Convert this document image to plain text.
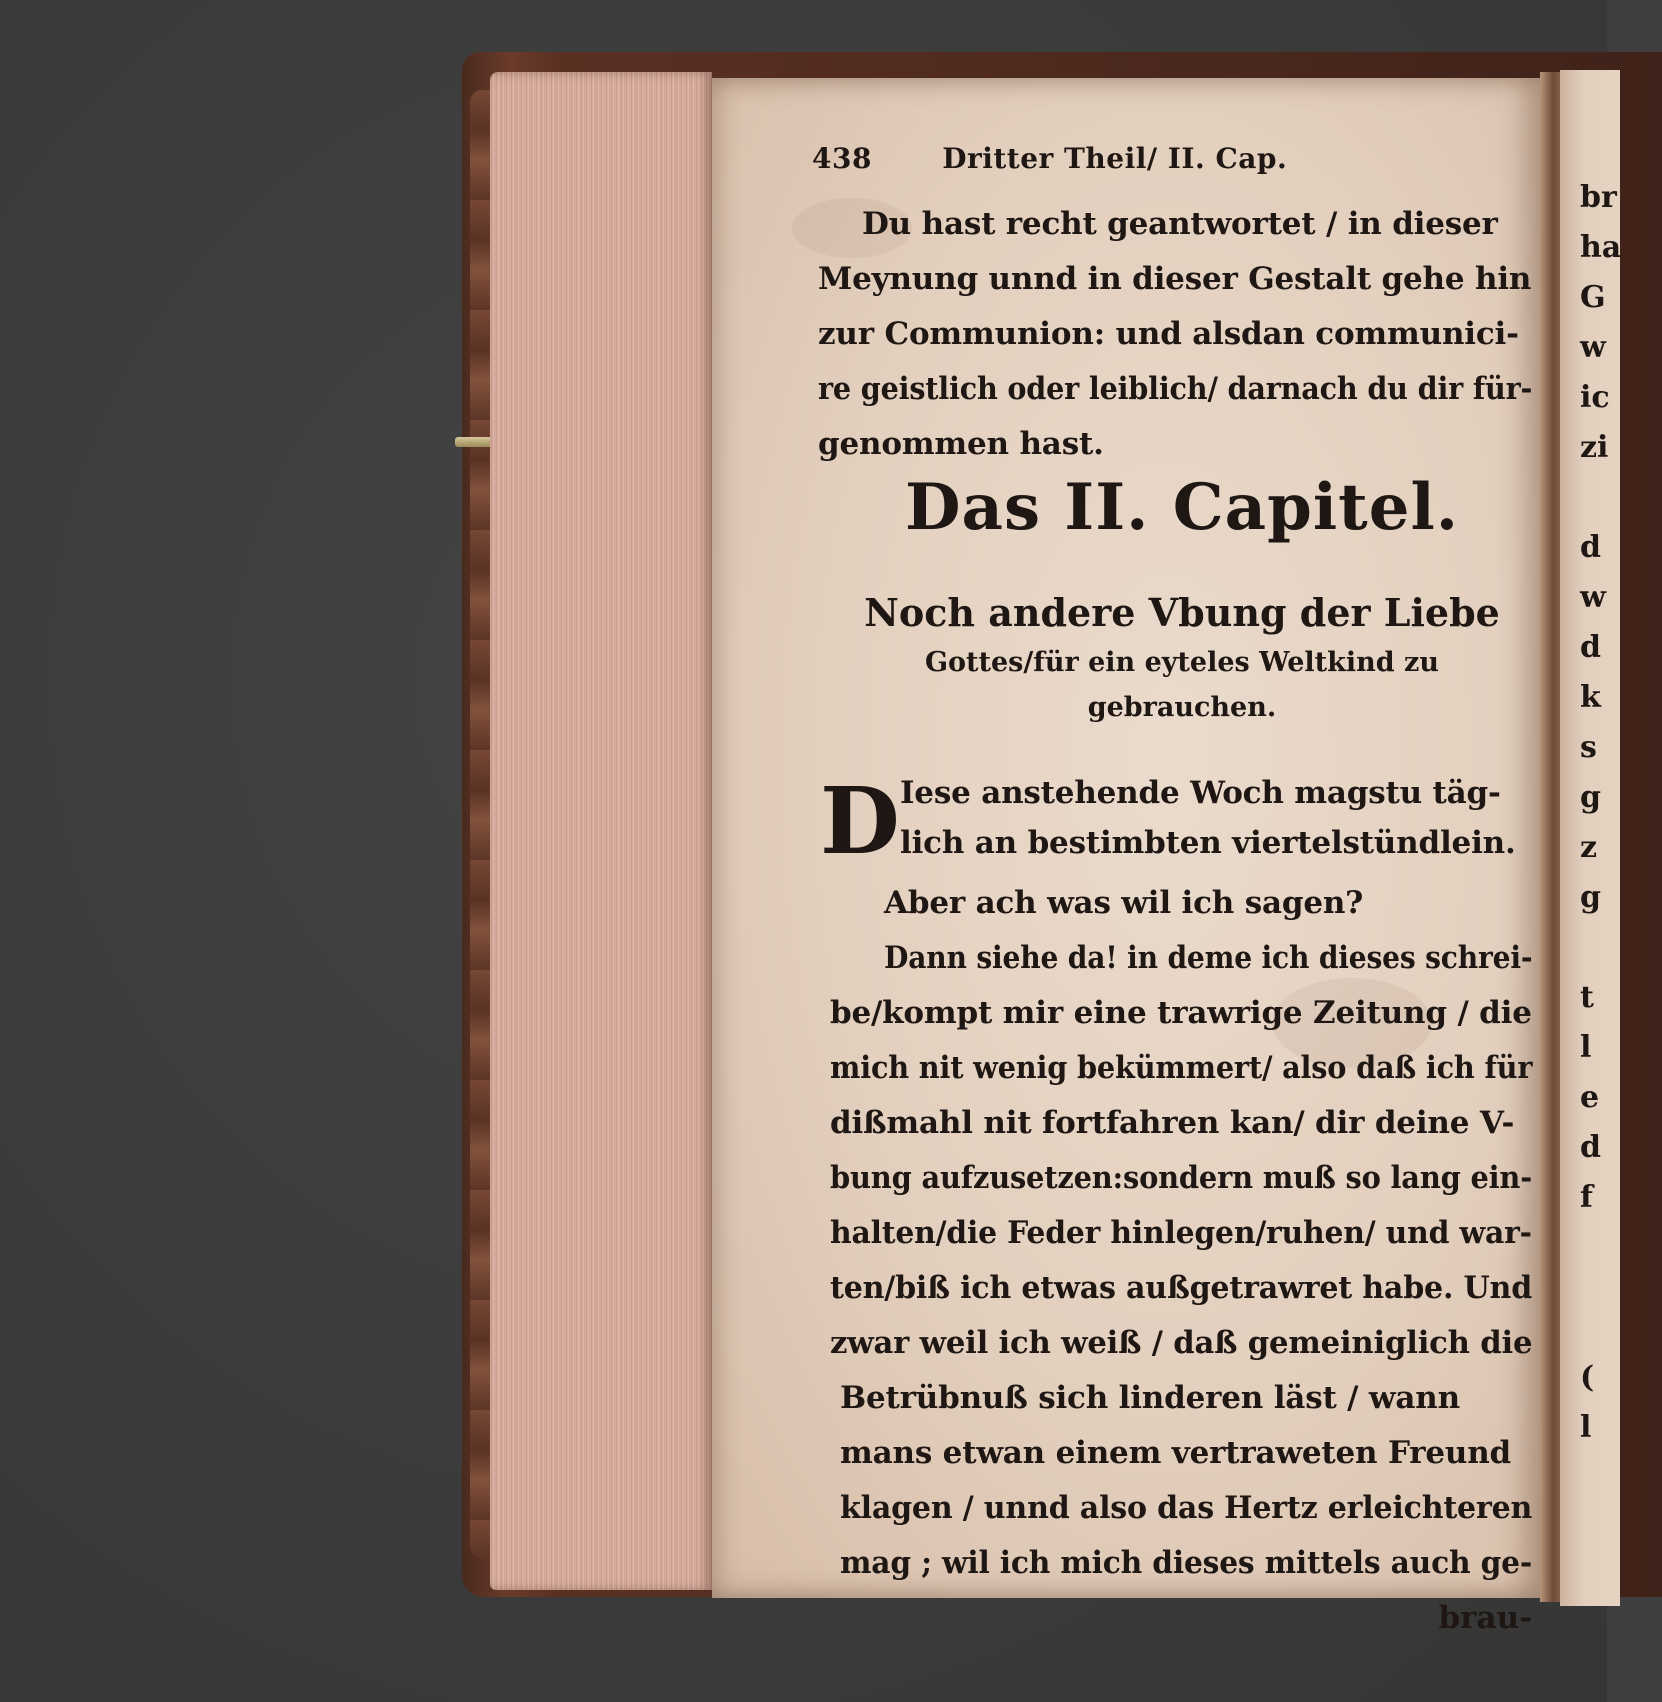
br
ha
G
w
ic
zi
d
w
d
k
s
g
z
g
t
l
e
d
f
(
l
438	Dritter Theil/ II. Cap.
Du hast recht geantwortet / in dieser
Meynung unnd in dieser Gestalt gehe hin
zur Communion: und alsdan communici-
re geistlich oder leiblich/ darnach du dir für-
genommen hast.
Das II. Capitel.
Noch andere Vbung der Liebe
Gottes/für ein eyteles Weltkind zu
gebrauchen.
D Iese anstehende Woch magstu täg-
lich an bestimbten viertelstündlein.
Aber ach was wil ich sagen?
Dann siehe da! in deme ich dieses schrei-
be/kompt mir eine trawrige Zeitung / die
mich nit wenig bekümmert/ also daß ich für
dißmahl nit fortfahren kan/ dir deine V-
bung aufzusetzen:sondern muß so lang ein-
halten/die Feder hinlegen/ruhen/ und war-
ten/biß ich etwas außgetrawret habe. Und
zwar weil ich weiß / daß gemeiniglich die
Betrübnuß sich linderen läst / wann
mans etwan einem vertraweten Freund
klagen / unnd also das Hertz erleichteren
mag ; wil ich mich dieses mittels auch ge-
brau-
